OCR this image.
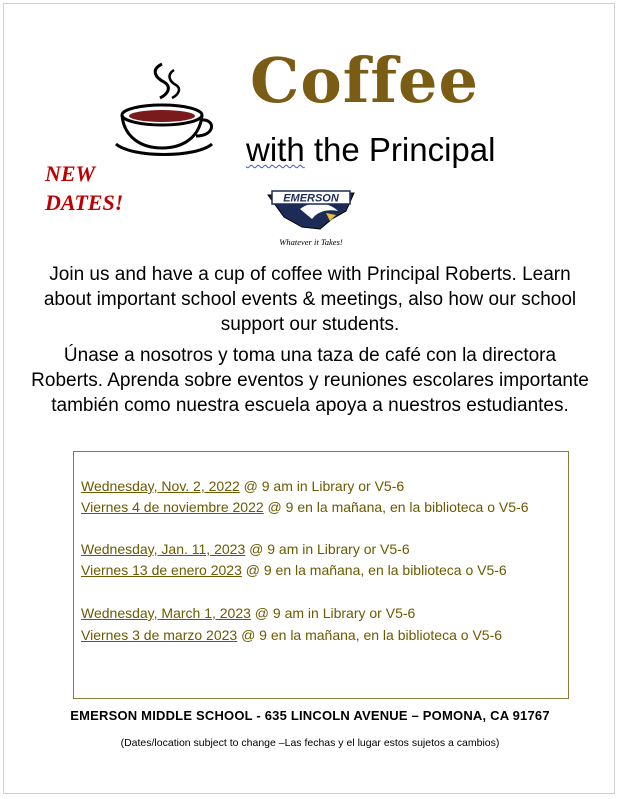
Coffee
with the Principal
NEW
DATES!	EMERSON
Whatever it Takes!
Join us and have a cup of coffee with Principal Roberts. Learn about important school events & meetings, also how our school support our students.
Únase a nosotros y toma una taza de café con la directora Roberts. Aprenda sobre eventos y reuniones escolares importante también como nuestra escuela apoya a nuestros estudiantes.
Wednesday, Nov. 2, 2022 @ 9 am in Library or V5-6
Viernes 4 de noviembre 2022 @ 9 en la mañana, en la biblioteca o V5-6
Wednesday, Jan. 11, 2023 @ 9 am in Library or V5-6
Viernes 13 de enero 2023 @ 9 en la mañana, en la biblioteca o V5-6
Wednesday, March 1, 2023 @ 9 am in Library or V5-6
Viernes 3 de marzo 2023 @ 9 en la mañana, en la biblioteca o V5-6
EMERSON MIDDLE SCHOOL - 635 LINCOLN AVENUE – POMONA, CA 91767
(Dates/location subject to change –Las fechas y el lugar estos sujetos a cambios)
